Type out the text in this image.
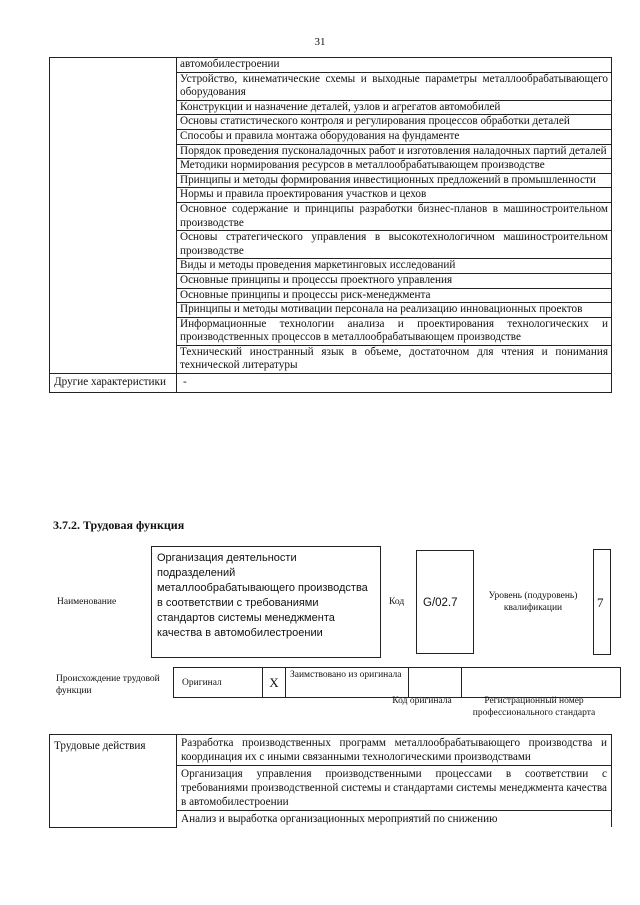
31
	автомобилестроении
	Устройство, кинематические схемы и выходные параметры металлообрабатывающего оборудования
	Конструкции и назначение деталей, узлов и агрегатов автомобилей
	Основы статистического контроля и регулирования процессов обработки деталей
	Способы и правила монтажа оборудования на фундаменте
	Порядок проведения пусконаладочных работ и изготовления наладочных партий деталей
	Методики нормирования ресурсов в металлообрабатывающем производстве
	Принципы и методы формирования инвестиционных предложений в промышленности
	Нормы и правила проектирования участков и цехов
	Основное содержание и принципы разработки бизнес-планов в машиностроительном производстве
	Основы стратегического управления в высокотехнологичном машиностроительном производстве
	Виды и методы проведения маркетинговых исследований
	Основные принципы и процессы проектного управления
	Основные принципы и процессы риск-менеджмента
	Принципы и методы мотивации персонала на реализацию инновационных проектов
	Информационные технологии анализа и проектирования технологических и производственных процессов в металлообрабатывающем производстве
	Технический иностранный язык в объеме, достаточном для чтения и понимания технической литературы
Другие характеристики	-
3.7.2. Трудовая функция
Наименование
Организация деятельности подразделений металлообрабатывающего производства в соответствии с требованиями стандартов системы менеджмента качества в автомобилестроении
Код G/02.7
Уровень (подуровень) квалификации	7
Происхождение трудовой функции
Оригинал	X	Заимствовано из оригинала		
Код оригинала	Регистрационный номер профессионального стандарта
Трудовые действия	Разработка производственных программ металлообрабатывающего производства и координация их с иными связанными технологическими производствами
Организация управления производственными процессами в соответствии с требованиями производственной системы и стандартами системы менеджмента качества в автомобилестроении
Анализ и выработка организационных мероприятий по снижению
